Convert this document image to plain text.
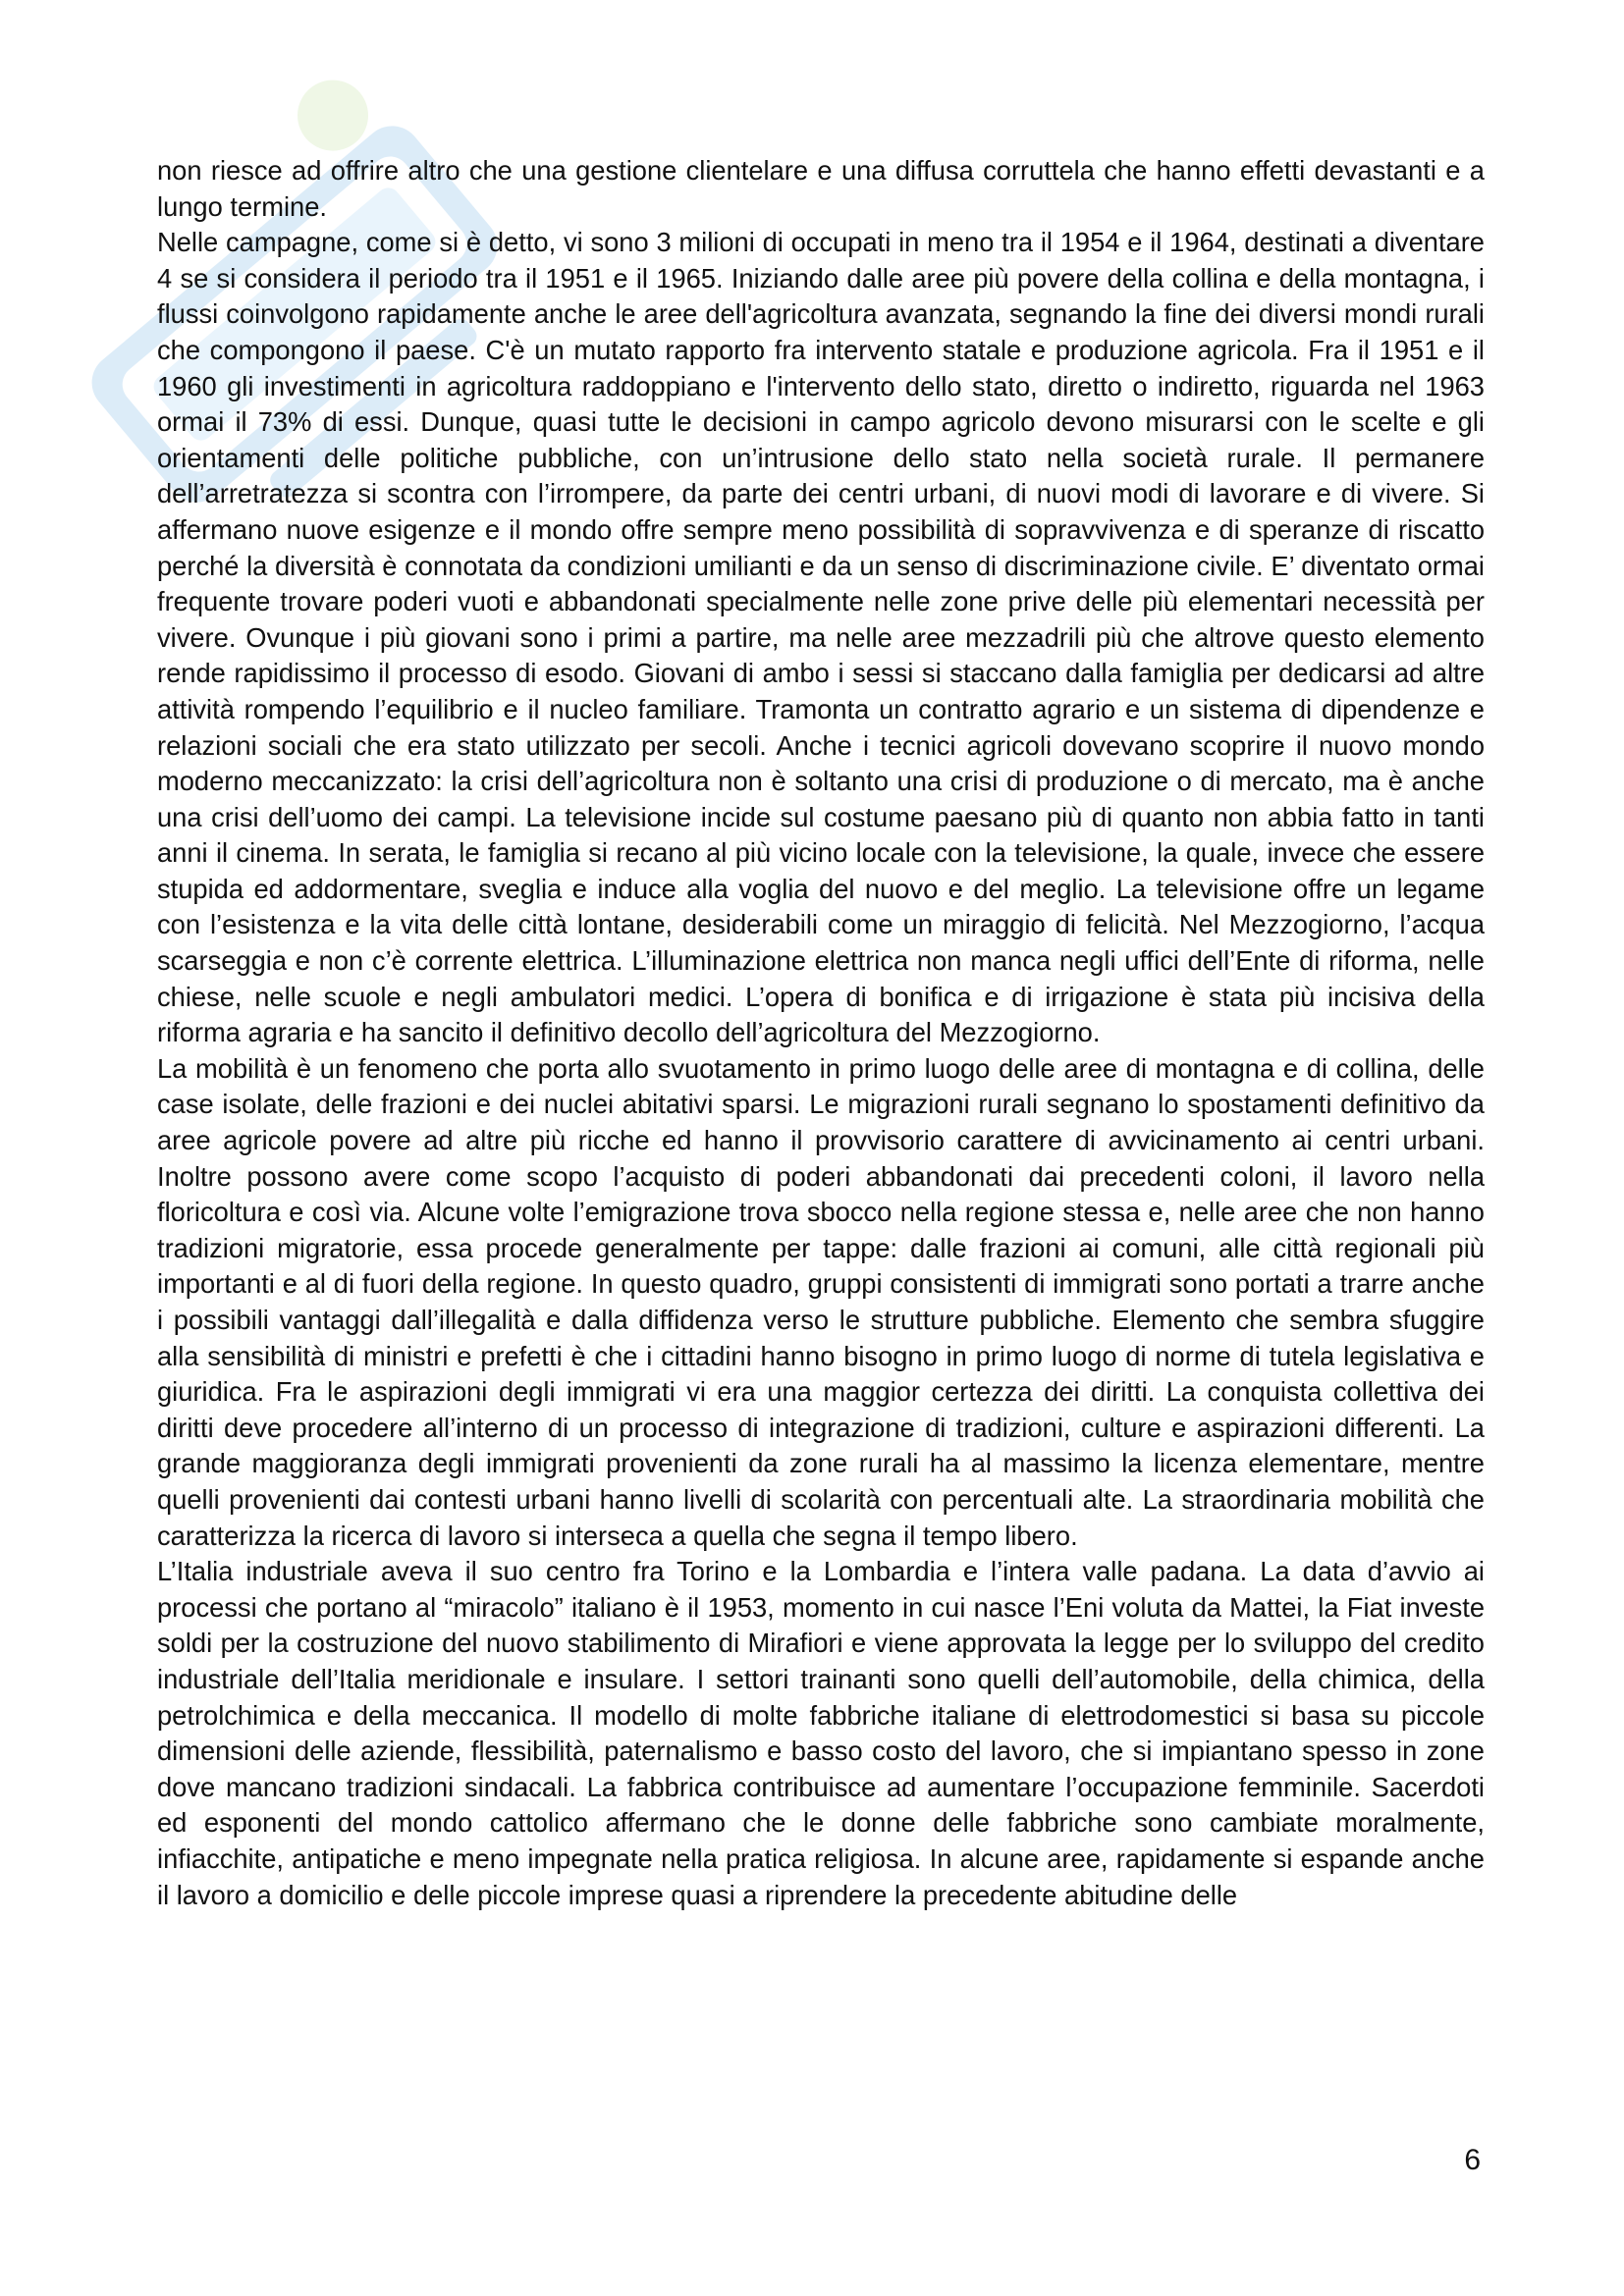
non riesce ad offrire altro che una gestione clientelare e una diffusa corruttela che hanno effetti devastanti e a lungo termine.

Nelle campagne, come si è detto, vi sono 3 milioni di occupati in meno tra il 1954 e il 1964, destinati a diventare 4 se si considera il periodo tra il 1951 e il 1965. Iniziando dalle aree più povere della collina e della montagna, i flussi coinvolgono rapidamente anche le aree dell'agricoltura avanzata, segnando la fine dei diversi mondi rurali che compongono il paese. C'è un mutato rapporto fra intervento statale e produzione agricola. Fra il 1951 e il 1960 gli investimenti in agricoltura raddoppiano e l'intervento dello stato, diretto o indiretto, riguarda nel 1963 ormai il 73% di essi. Dunque, quasi tutte le decisioni in campo agricolo devono misurarsi con le scelte e gli orientamenti delle politiche pubbliche, con un’intrusione dello stato nella società rurale. Il permanere dell’arretratezza si scontra con l’irrompere, da parte dei centri urbani, di nuovi modi di lavorare e di vivere. Si affermano nuove esigenze e il mondo offre sempre meno possibilità di sopravvivenza e di speranze di riscatto perché la diversità è connotata da condizioni umilianti e da un senso di discriminazione civile. E’ diventato ormai frequente trovare poderi vuoti e abbandonati specialmente nelle zone prive delle più elementari necessità per vivere. Ovunque i più giovani sono i primi a partire, ma nelle aree mezzadrili più che altrove questo elemento rende rapidissimo il processo di esodo. Giovani di ambo i sessi si staccano dalla famiglia per dedicarsi ad altre attività rompendo l’equilibrio e il nucleo familiare. Tramonta un contratto agrario e un sistema di dipendenze e relazioni sociali che era stato utilizzato per secoli. Anche i tecnici agricoli dovevano scoprire il nuovo mondo moderno meccanizzato: la crisi dell’agricoltura non è soltanto una crisi di produzione o di mercato, ma è anche una crisi dell’uomo dei campi. La televisione incide sul costume paesano più di quanto non abbia fatto in tanti anni il cinema. In serata, le famiglia si recano al più vicino locale con la televisione, la quale, invece che essere stupida ed addormentare, sveglia e induce alla voglia del nuovo e del meglio. La televisione offre un legame con l’esistenza e la vita delle città lontane, desiderabili come un miraggio di felicità. Nel Mezzogiorno, l’acqua scarseggia e non c’è corrente elettrica. L’illuminazione elettrica non manca negli uffici dell’Ente di riforma, nelle chiese, nelle scuole e negli ambulatori medici. L’opera di bonifica e di irrigazione è stata più incisiva della riforma agraria e ha sancito il definitivo decollo dell’agricoltura del Mezzogiorno.

La mobilità è un fenomeno che porta allo svuotamento in primo luogo delle aree di montagna e di collina, delle case isolate, delle frazioni e dei nuclei abitativi sparsi. Le migrazioni rurali segnano lo spostamenti definitivo da aree agricole povere ad altre più ricche ed hanno il provvisorio carattere di avvicinamento ai centri urbani. Inoltre possono avere come scopo l’acquisto di poderi abbandonati dai precedenti coloni, il lavoro nella floricoltura e così via. Alcune volte l’emigrazione trova sbocco nella regione stessa e, nelle aree che non hanno tradizioni migratorie, essa procede generalmente per tappe: dalle frazioni ai comuni, alle città regionali più importanti e al di fuori della regione. In questo quadro, gruppi consistenti di immigrati sono portati a trarre anche i possibili vantaggi dall’illegalità e dalla diffidenza verso le strutture pubbliche. Elemento che sembra sfuggire alla sensibilità di ministri e prefetti è che i cittadini hanno bisogno in primo luogo di norme di tutela legislativa e giuridica. Fra le aspirazioni degli immigrati vi era una maggior certezza dei diritti. La conquista collettiva dei diritti deve procedere all’interno di un processo di integrazione di tradizioni, culture e aspirazioni differenti. La grande maggioranza degli immigrati provenienti da zone rurali ha al massimo la licenza elementare, mentre quelli provenienti dai contesti urbani hanno livelli di scolarità con percentuali alte. La straordinaria mobilità che caratterizza la ricerca di lavoro si interseca a quella che segna il tempo libero.

L’Italia industriale aveva il suo centro fra Torino e la Lombardia e l’intera valle padana. La data d’avvio ai processi che portano al “miracolo” italiano è il 1953, momento in cui nasce l’Eni voluta da Mattei, la Fiat investe soldi per la costruzione del nuovo stabilimento di Mirafiori e viene approvata la legge per lo sviluppo del credito industriale dell’Italia meridionale e insulare. I settori trainanti sono quelli dell’automobile, della chimica, della petrolchimica e della meccanica. Il modello di molte fabbriche italiane di elettrodomestici si basa su piccole dimensioni delle aziende, flessibilità, paternalismo e basso costo del lavoro, che si impiantano spesso in zone dove mancano tradizioni sindacali. La fabbrica contribuisce ad aumentare l’occupazione femminile. Sacerdoti ed esponenti del mondo cattolico affermano che le donne delle fabbriche sono cambiate moralmente, infiacchite, antipatiche e meno impegnate nella pratica religiosa. In alcune aree, rapidamente si espande anche il lavoro a domicilio e delle piccole imprese quasi a riprendere la precedente abitudine delle

6
